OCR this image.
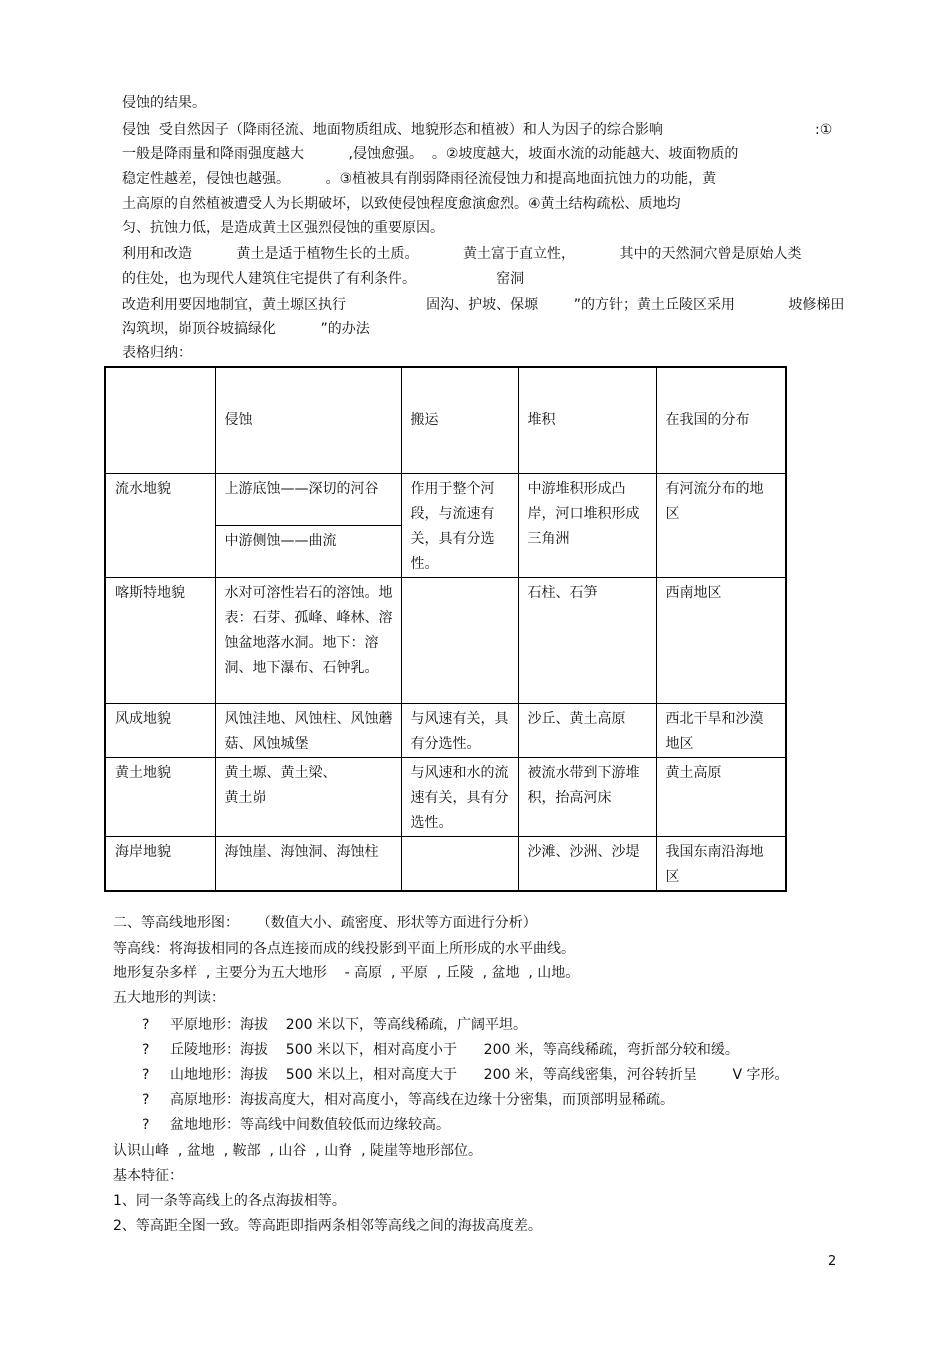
侵蚀的结果。
侵蚀  受自然因子（降雨径流、地面物质组成、地貌形态和植被）和人为因子的综合影响	:①
一般是降雨量和降雨强度越大          ,侵蚀愈强。  。②坡度越大，坡面水流的动能越大、坡面物质的
稳定性越差，侵蚀也越强。        。③植被具有削弱降雨径流侵蚀力和提高地面抗蚀力的功能，黄
土高原的自然植被遭受人为长期破坏，以致使侵蚀程度愈演愈烈。④黄土结构疏松、质地均
匀、抗蚀力低，是造成黄土区强烈侵蚀的重要原因。
利用和改造          黄土是适于植物生长的土质。          黄土富于直立性，          其中的天然洞穴曾是原始人类
的住处，也为现代人建筑住宅提供了有利条件。                  窑洞
改造利用要因地制宜，黄土塬区执行                  固沟、护坡、保塬        ”的方针；黄土丘陵区采用            坡修梯田
沟筑坝，峁顶谷坡搞绿化          ”的办法
表格归纳：
	侵蚀	搬运	堆积	在我国的分布
流水地貌	上游底蚀——深切的河谷
中游侧蚀——曲流	作用于整个河段，与流速有关，具有分选性。	中游堆积形成凸岸，河口堆积形成三角洲	有河流分布的地区
喀斯特地貌	水对可溶性岩石的溶蚀。地表：石芽、孤峰、峰林、溶蚀盆地落水洞。地下：溶洞、地下瀑布、石钟乳。		石柱、石笋	西南地区
风成地貌	风蚀洼地、风蚀柱、风蚀蘑菇、风蚀城堡	与风速有关，具有分选性。	沙丘、黄土高原	西北干旱和沙漠地区
黄土地貌	黄土塬、黄土梁、
黄土峁	与风速和水的流速有关，具有分选性。	被流水带到下游堆积，抬高河床	黄土高原
海岸地貌	海蚀崖、海蚀洞、海蚀柱		沙滩、沙洲、沙堤	我国东南沿海地区
二、等高线地形图：    （数值大小、疏密度、形状等方面进行分析）
等高线：将海拔相同的各点连接而成的线投影到平面上所形成的水平曲线。
地形复杂多样  , 主要分为五大地形    - 高原  , 平原  , 丘陵  , 盆地  , 山地。
五大地形的判读：
? 平原地形：海拔    200 米以下，等高线稀疏，广阔平坦。
? 丘陵地形：海拔    500 米以下，相对高度小于      200 米，等高线稀疏，弯折部分较和缓。
? 山地地形：海拔    500 米以上，相对高度大于      200 米，等高线密集，河谷转折呈        V 字形。
? 高原地形：海拔高度大，相对高度小，等高线在边缘十分密集，而顶部明显稀疏。
? 盆地地形：等高线中间数值较低而边缘较高。
认识山峰  , 盆地  , 鞍部  , 山谷  , 山脊  , 陡崖等地形部位。
基本特征：
1、同一条等高线上的各点海拔相等。
2、等高距全图一致。等高距即指两条相邻等高线之间的海拔高度差。
2
